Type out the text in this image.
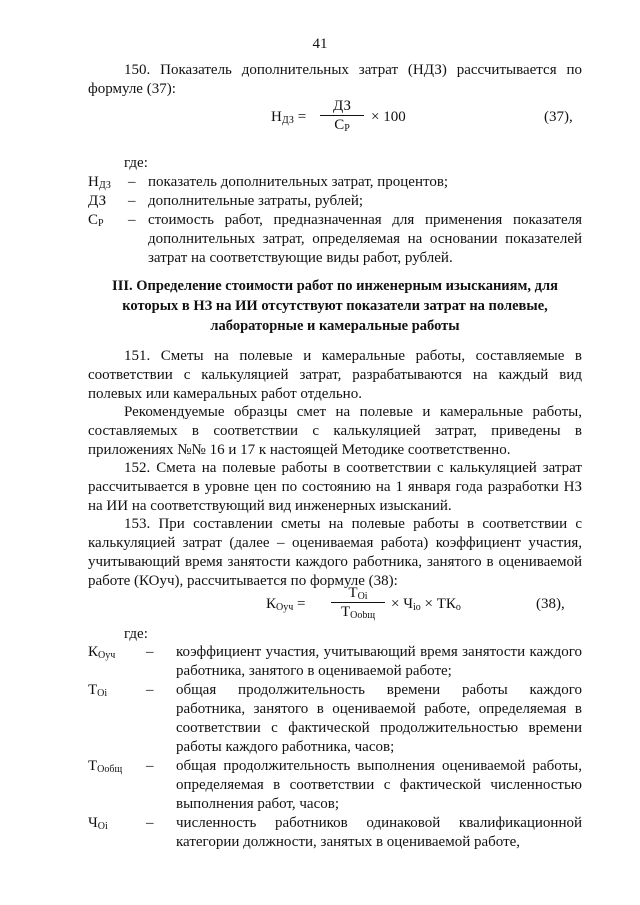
41
150. Показатель дополнительных затрат (НДЗ) рассчитывается по формуле (37):
$Н_{ДЗ}$ =
ДЗ
$С_Р$
× 100	(37),
где:
$Н_{ДЗ}$ – показатель дополнительных затрат, процентов;
ДЗ – дополнительные затраты, рублей;
$С_Р$ – стоимость работ, предназначенная для применения показателя дополнительных затрат, определяемая на основании показателей затрат на соответствующие виды работ, рублей.
III. Определение стоимости работ по инженерным изысканиям, для которых в НЗ на ИИ отсутствуют показатели затрат на полевые, лабораторные и камеральные работы
151. Сметы на полевые и камеральные работы, составляемые в соответствии с калькуляцией затрат, разрабатываются на каждый вид полевых или камеральных работ отдельно.
Рекомендуемые образцы смет на полевые и камеральные работы, составляемых в соответствии с калькуляцией затрат, приведены в приложениях №№ 16 и 17 к настоящей Методике соответственно.
152. Смета на полевые работы в соответствии с калькуляцией затрат рассчитывается в уровне цен по состоянию на 1 января года разработки НЗ на ИИ на соответствующий вид инженерных изысканий.
153. При составлении сметы на полевые работы в соответствии с калькуляцией затрат (далее – оцениваемая работа) коэффициент участия, учитывающий время занятости каждого работника, занятого в оцениваемой работе (КОуч), рассчитывается по формуле (38):
$К_{Оуч}$ =
$Т_{Оi}$
$Т_{Оobщ}$
× $Ч_{iо} \times ТК_о$	(38),
где:
$К_{Оуч}$ – коэффициент участия, учитывающий время занятости каждого работника, занятого в оцениваемой работе;
$Т_{Оi}$	– общая продолжительность времени работы каждого работника, занятого в оцениваемой работе, определяемая в соответствии с фактической продолжительностью времени работы каждого работника, часов;
$Т_{Ообщ}$ – общая продолжительность выполнения оцениваемой работы, определяемая в соответствии с фактической численностью выполнения работ, часов;
$Ч_{Оi}$	– численность работников одинаковой квалификационной категории должности, занятых в оцениваемой работе,
